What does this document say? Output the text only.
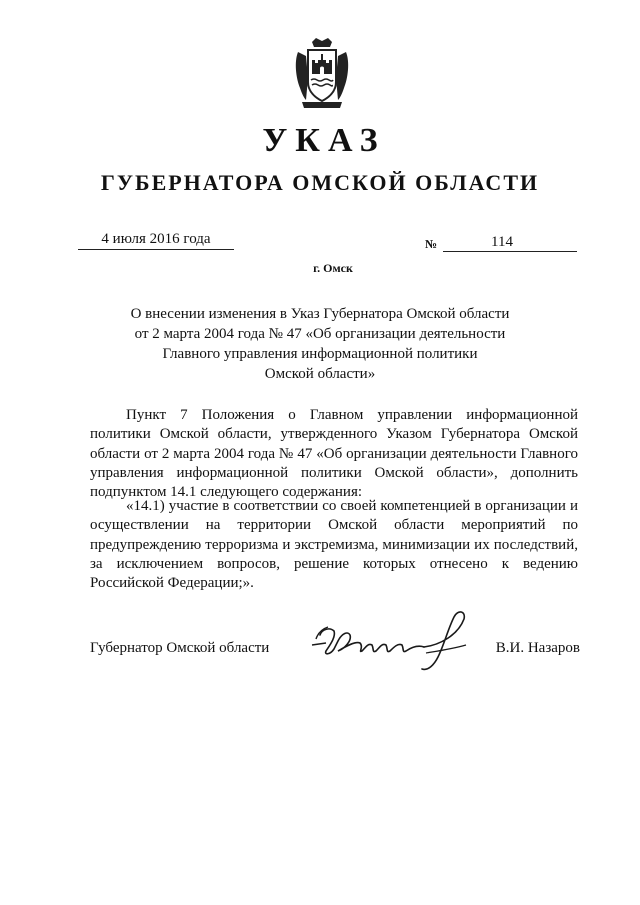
УКАЗ
ГУБЕРНАТОРА ОМСКОЙ ОБЛАСТИ
4 июля 2016 года	№	114
г. Омск
О внесении изменения в Указ Губернатора Омской области
от 2 марта 2004 года № 47 «Об организации деятельности
Главного управления информационной политики
Омской области»
Пункт 7 Положения о Главном управлении информационной политики Омской области, утвержденного Указом Губернатора Омской области от 2 марта 2004 года № 47 «Об организации деятельности Главного управления информационной политики Омской области», дополнить подпунктом 14.1 следующего содержания:
«14.1) участие в соответствии со своей компетенцией в организации и осуществлении на территории Омской области мероприятий по предупреждению терроризма и экстремизма, минимизации их последствий, за исключением вопросов, решение которых отнесено к ведению Российской Федерации;».
Губернатор Омской области	В.И. Назаров
